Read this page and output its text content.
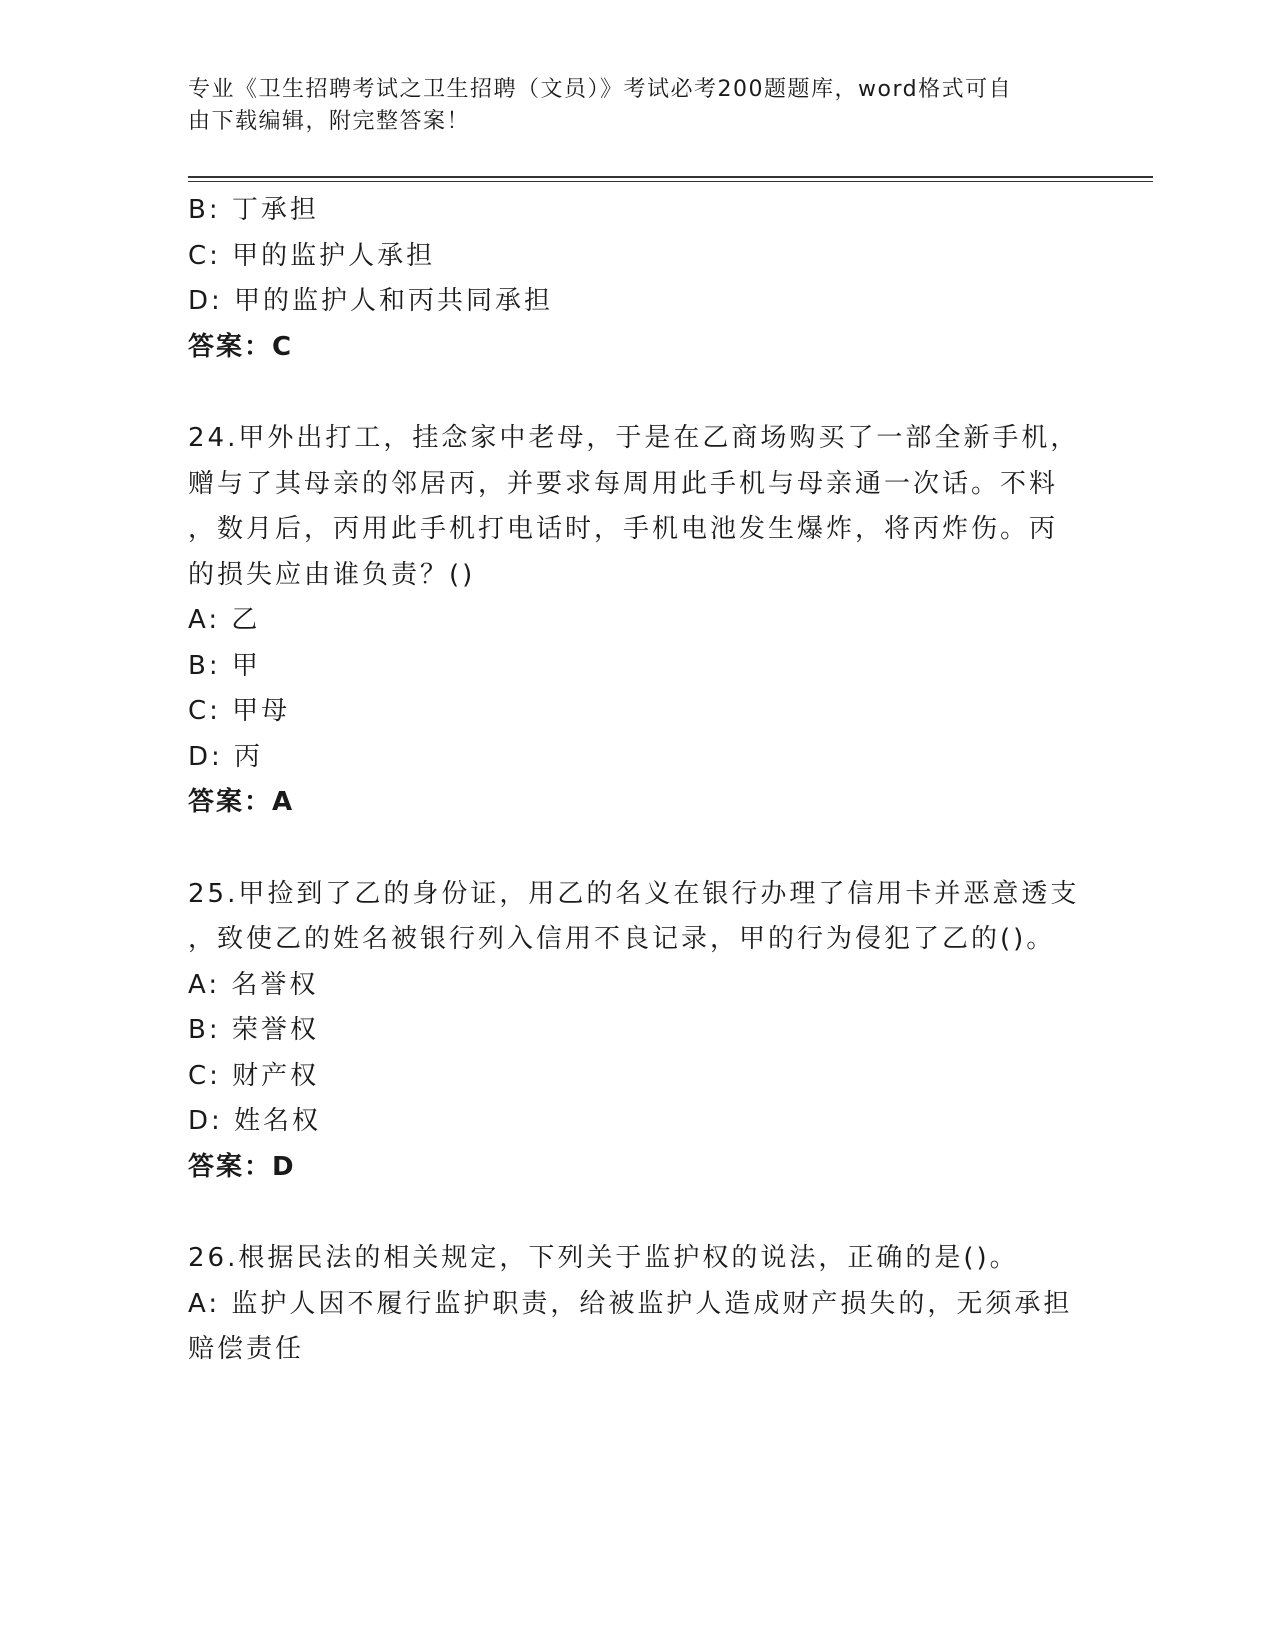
专业《卫生招聘考试之卫生招聘（文员）》考试必考200题题库，word格式可自
由下载编辑，附完整答案！
B: 丁承担
C: 甲的监护人承担
D: 甲的监护人和丙共同承担
答案：C
24.甲外出打工，挂念家中老母，于是在乙商场购买了一部全新手机，
赠与了其母亲的邻居丙，并要求每周用此手机与母亲通一次话。不料
，数月后，丙用此手机打电话时，手机电池发生爆炸，将丙炸伤。丙
的损失应由谁负责？()
A: 乙
B: 甲
C: 甲母
D: 丙
答案：A
25.甲捡到了乙的身份证，用乙的名义在银行办理了信用卡并恶意透支
，致使乙的姓名被银行列入信用不良记录，甲的行为侵犯了乙的()。
A: 名誉权
B: 荣誉权
C: 财产权
D: 姓名权
答案：D
26.根据民法的相关规定，下列关于监护权的说法，正确的是()。
A: 监护人因不履行监护职责，给被监护人造成财产损失的，无须承担
赔偿责任
